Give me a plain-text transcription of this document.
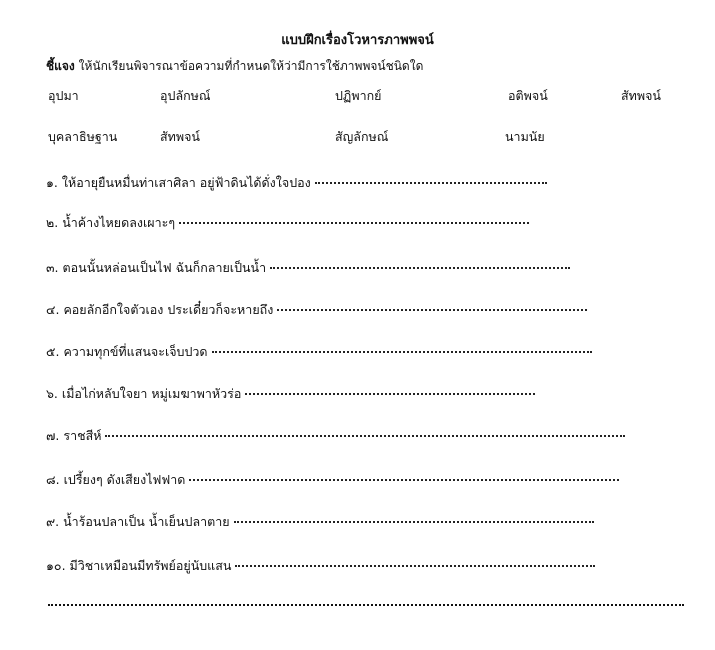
แบบฝึกเรื่องโวหารภาพพจน์
ชี้แจง ให้นักเรียนพิจารณาข้อความที่กำหนดให้ว่ามีการใช้ภาพพจน์ชนิดใด
อุปมา	อุปลักษณ์	ปฏิพากย์	อติพจน์	สัทพจน์
บุคลาธิษฐาน	สัทพจน์	สัญลักษณ์	นามนัย
๑. ให้อายุยืนหมื่นท่าเสาศิลา อยู่ฟ้าดินได้ดั่งใจปอง
๒. น้ำค้างไหยดลงเผาะๆ
๓. ตอนนั้นหล่อนเป็นไฟ ฉันก็กลายเป็นน้ำ
๔. คอยลักอีกใจตัวเอง ประเดี๋ยวก็จะหายถึง
๕. ความทุกข์ที่แสนจะเจ็บปวด
๖. เมื่อไก่หลับใจยา หมู่เมฆาพาหัวร่อ
๗. ราชสีห์
๘. เปรี้ยงๆ ดังเสียงไฟฟาด
๙. น้ำร้อนปลาเป็น น้ำเย็นปลาตาย
๑๐. มีวิชาเหมือนมีทรัพย์อยู่นับแสน
